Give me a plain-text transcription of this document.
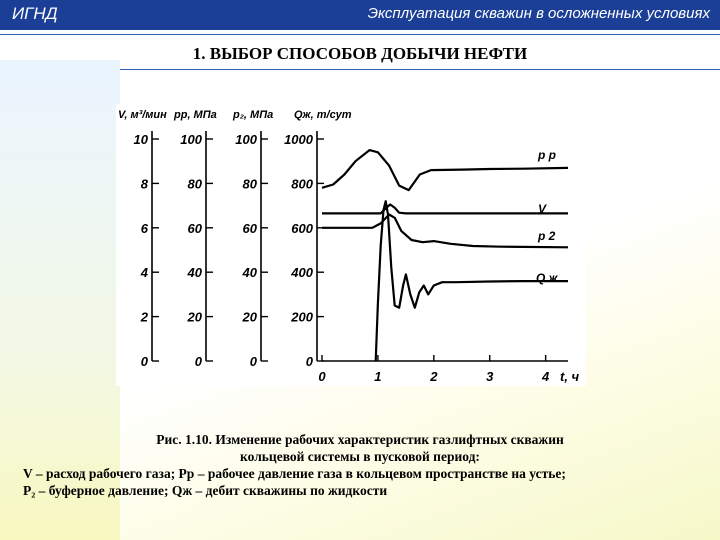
ИГНД	Эксплуатация скважин в осложненных условиях
1. ВЫБОР СПОСОБОВ ДОБЫЧИ НЕФТИ
V, м³/мин pр, МПа p₂, МПа Qж, т/сут
10
8
6
4
2
0
100
80
60
40
20
0
100
80
60
40
20
0
1000
800
600
400
200
0
0	1	2	3	4 t, ч
p р
V
p 2
Q ж
Рис. 1.10. Изменение рабочих характеристик газлифтных скважин
кольцевой системы в пусковой период:
V – расход рабочего газа; Рр – рабочее давление газа в кольцевом пространстве на устье;
P₂ – буферное давление; Qж – дебит скважины по жидкости
